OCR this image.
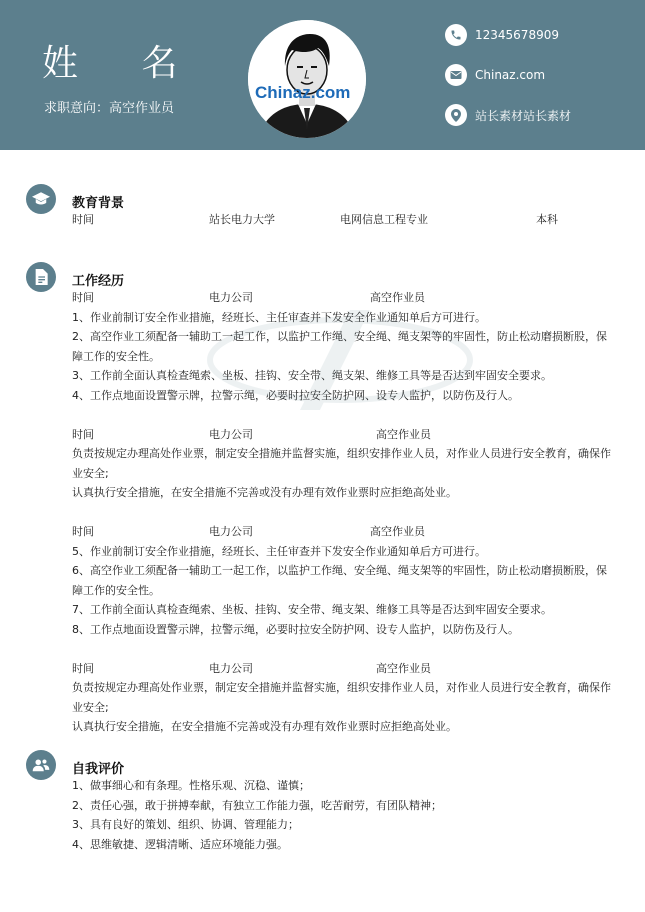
姓 名
求职意向：高空作业员
Chinaz.com
12345678909
Chinaz.com
站长素材站长素材
教育背景
时间	站长电力大学	电网信息工程专业	本科
工作经历
时间	电力公司	高空作业员
1、作业前制订安全作业措施，经班长、主任审查并下发安全作业通知单后方可进行。
2、高空作业工须配备一辅助工一起工作，以监护工作绳、安全绳、绳支架等的牢固性，防止松动磨损断股，保障工作的安全性。
3、工作前全面认真检查绳索、坐板、挂钩、安全带、绳支架、维修工具等是否达到牢固安全要求。
4、工作点地面设置警示牌，拉警示绳，必要时拉安全防护网、设专人监护，以防伤及行人。
时间	电力公司	高空作业员
负责按规定办理高处作业票，制定安全措施并监督实施，组织安排作业人员，对作业人员进行安全教育，确保作业安全;
认真执行安全措施，在安全措施不完善或没有办理有效作业票时应拒绝高处业。
时间	电力公司	高空作业员
5、作业前制订安全作业措施，经班长、主任审查并下发安全作业通知单后方可进行。
6、高空作业工须配备一辅助工一起工作，以监护工作绳、安全绳、绳支架等的牢固性，防止松动磨损断股，保障工作的安全性。
7、工作前全面认真检查绳索、坐板、挂钩、安全带、绳支架、维修工具等是否达到牢固安全要求。
8、工作点地面设置警示牌，拉警示绳，必要时拉安全防护网、设专人监护，以防伤及行人。
时间	电力公司	高空作业员
负责按规定办理高处作业票，制定安全措施并监督实施，组织安排作业人员，对作业人员进行安全教育，确保作业安全;
认真执行安全措施，在安全措施不完善或没有办理有效作业票时应拒绝高处业。
自我评价
1、做事细心和有条理。性格乐观、沉稳、谨慎；
2、责任心强，敢于拼搏奉献，有独立工作能力强，吃苦耐劳，有团队精神；
3、具有良好的策划、组织、协调、管理能力；
4、思维敏捷、逻辑清晰、适应环境能力强。
